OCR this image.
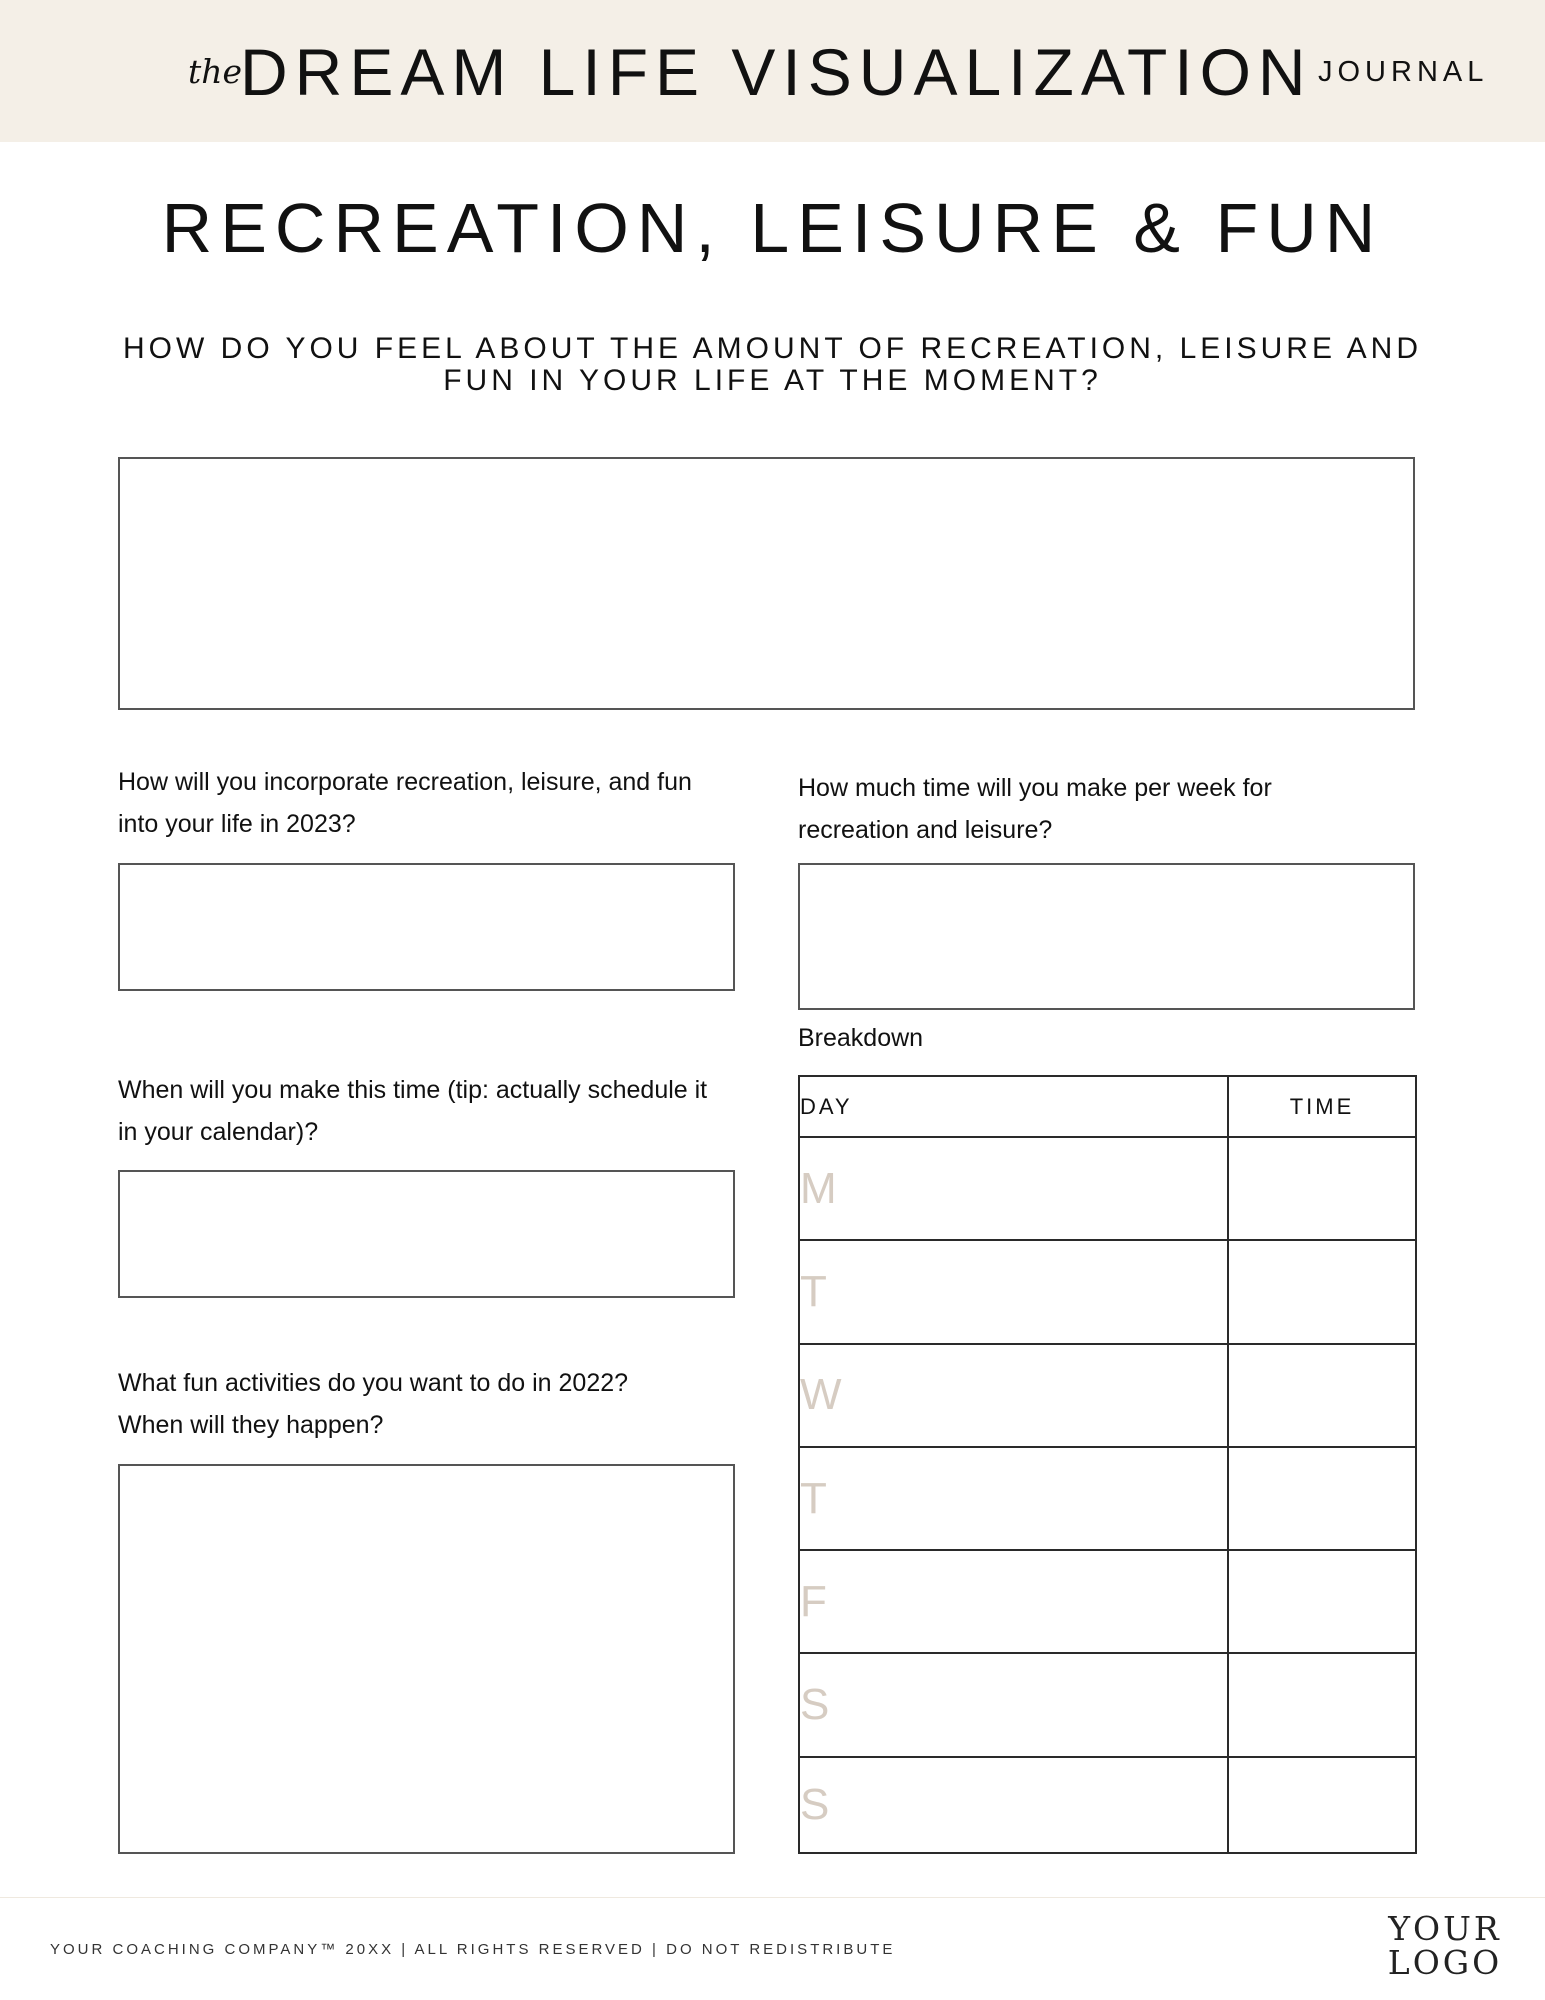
the
DREAM LIFE VISUALIZATION JOURNAL
RECREATION, LEISURE & FUN
HOW DO YOU FEEL ABOUT THE AMOUNT OF RECREATION, LEISURE AND FUN IN YOUR LIFE AT THE MOMENT?
How will you incorporate recreation, leisure, and fun into your life in 2023?
How much time will you make per week for recreation and leisure?
When will you make this time (tip: actually schedule it in your calendar)?
What fun activities do you want to do in 2022? When will they happen?
Breakdown
DAY	TIME
M	
T	
W	
T	
F	
S	
S	
YOUR COACHING COMPANY™ 20XX | ALL RIGHTS RESERVED | DO NOT REDISTRIBUTE
YOUR
LOGO
